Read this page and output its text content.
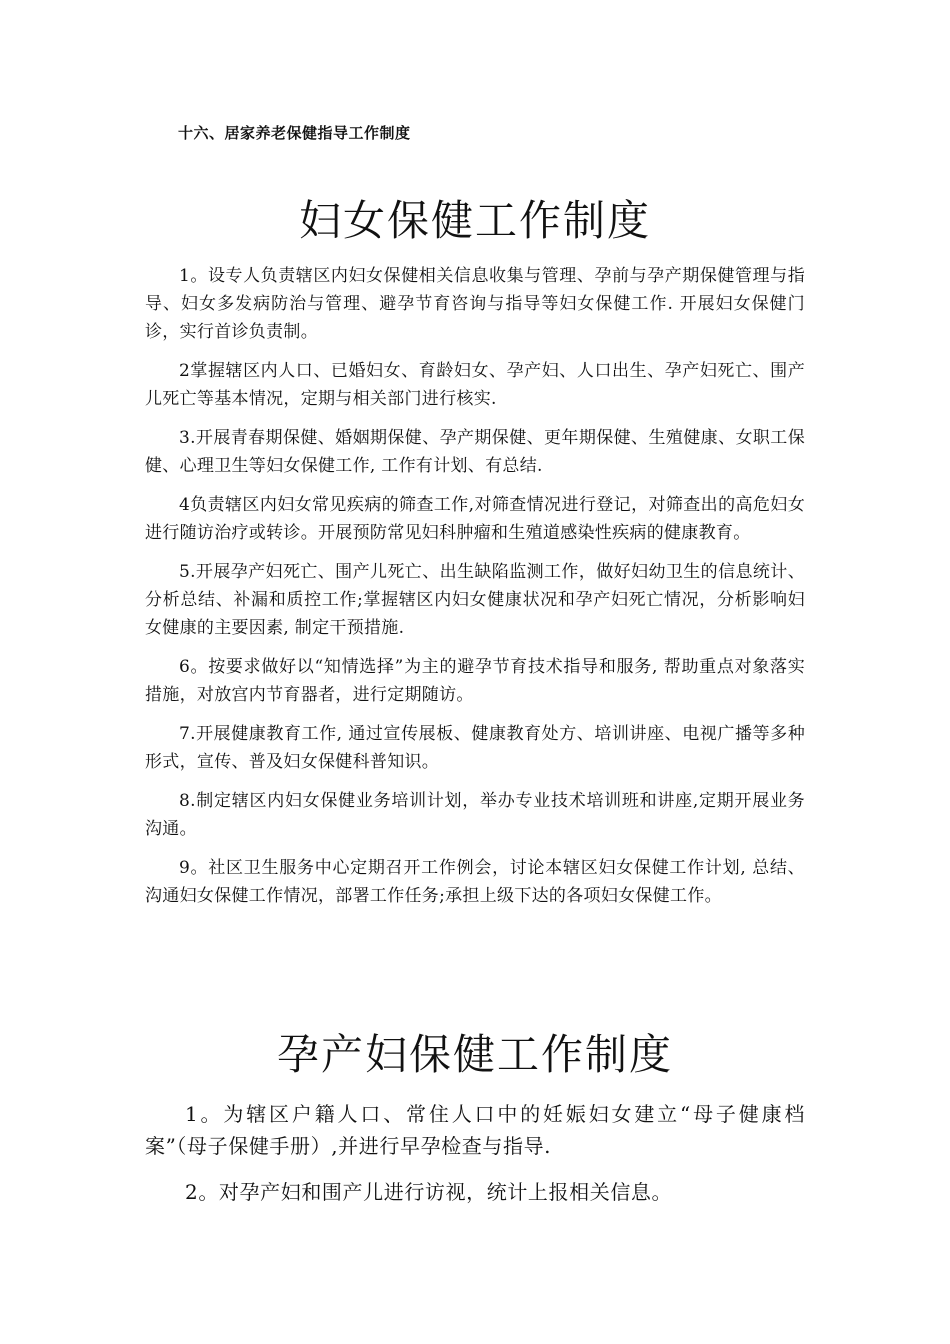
十六、居家养老保健指导工作制度
妇女保健工作制度

1。设专人负责辖区内妇女保健相关信息收集与管理、孕前与孕产期保健管理与指导、妇女多发病防治与管理、避孕节育咨询与指导等妇女保健工作. 开展妇女保健门诊，实行首诊负责制。

2掌握辖区内人口、已婚妇女、育龄妇女、孕产妇、人口出生、孕产妇死亡、围产儿死亡等基本情况，定期与相关部门进行核实.

3.开展青春期保健、婚姻期保健、孕产期保健、更年期保健、生殖健康、女职工保健、心理卫生等妇女保健工作, 工作有计划、有总结.

4负责辖区内妇女常见疾病的筛查工作,对筛查情况进行登记，对筛查出的高危妇女进行随访治疗或转诊。开展预防常见妇科肿瘤和生殖道感染性疾病的健康教育。

5.开展孕产妇死亡、围产儿死亡、出生缺陷监测工作，做好妇幼卫生的信息统计、分析总结、补漏和质控工作;掌握辖区内妇女健康状况和孕产妇死亡情况，分析影响妇女健康的主要因素, 制定干预措施.

6。按要求做好以“知情选择”为主的避孕节育技术指导和服务, 帮助重点对象落实措施，对放宫内节育器者，进行定期随访。

7.开展健康教育工作, 通过宣传展板、健康教育处方、培训讲座、电视广播等多种形式，宣传、普及妇女保健科普知识。

8.制定辖区内妇女保健业务培训计划，举办专业技术培训班和讲座,定期开展业务沟通。

9。社区卫生服务中心定期召开工作例会，讨论本辖区妇女保健工作计划, 总结、沟通妇女保健工作情况，部署工作任务;承担上级下达的各项妇女保健工作。

孕产妇保健工作制度

1。为辖区户籍人口、常住人口中的妊娠妇女建立“母子健康档案”（母子保健手册）,并进行早孕检查与指导.

2。对孕产妇和围产儿进行访视，统计上报相关信息。
